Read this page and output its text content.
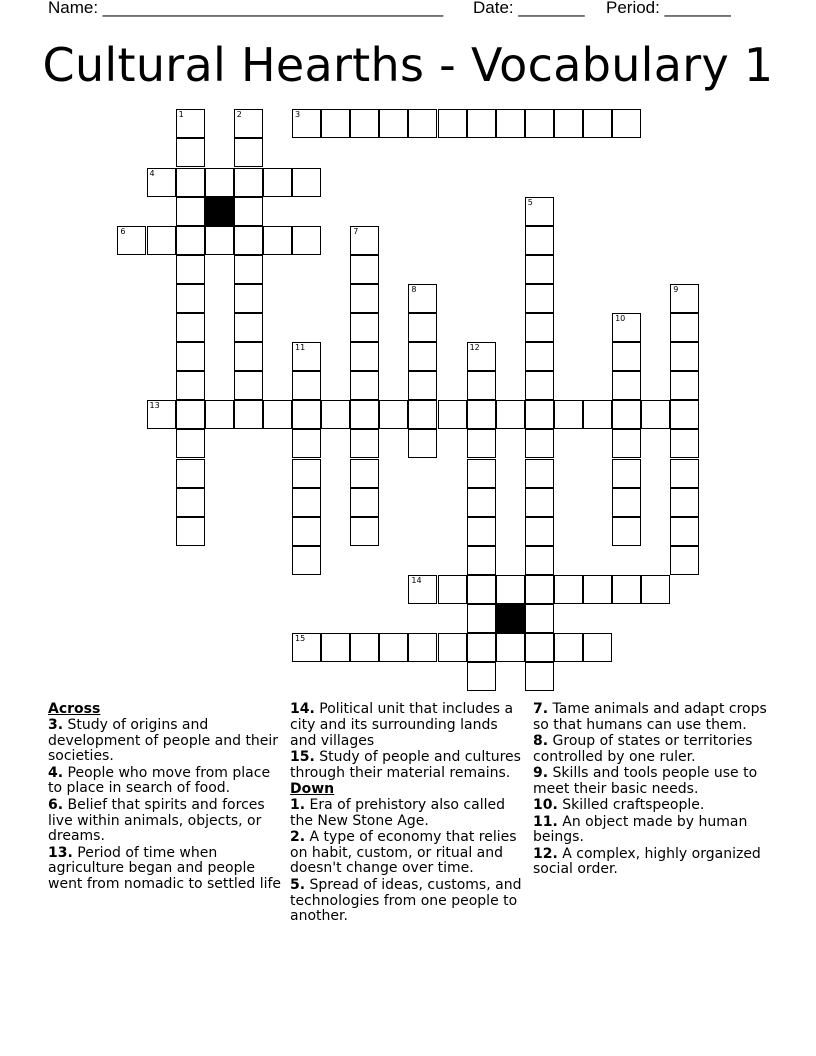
Name: ____________________________________ Date: _______ Period: _______
Cultural Hearths - Vocabulary 1
1	2	3
4
5
6	7
8	9
10
11	12
13
14
15
Across
3. Study of origins and development of people and their societies.
4. People who move from place to place in search of food.
6. Belief that spirits and forces live within animals, objects, or dreams.
13. Period of time when agriculture began and people went from nomadic to settled life
14. Political unit that includes a city and its surrounding lands and villages
15. Study of people and cultures through their material remains.
Down
1. Era of prehistory also called the New Stone Age.
2. A type of economy that relies on habit, custom, or ritual and doesn't change over time.
5. Spread of ideas, customs, and technologies from one people to another.
7. Tame animals and adapt crops so that humans can use them.
8. Group of states or territories controlled by one ruler.
9. Skills and tools people use to meet their basic needs.
10. Skilled craftspeople.
11. An object made by human beings.
12. A complex, highly organized social order.
